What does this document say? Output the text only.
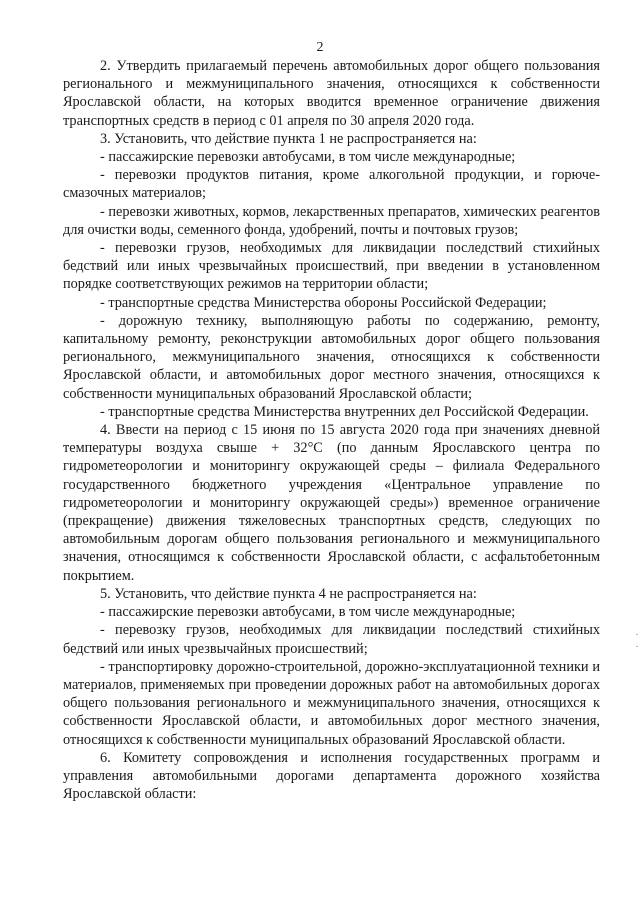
2

2. Утвердить прилагаемый перечень автомобильных дорог общего пользования регионального и межмуниципального значения, относящихся к собственности Ярославской области, на которых вводится временное ограничение движения транспортных средств в период с 01 апреля по 30 апреля 2020 года.

3. Установить, что действие пункта 1 не распространяется на:

- пассажирские перевозки автобусами, в том числе международные;

- перевозки продуктов питания, кроме алкогольной продукции, и горюче-смазочных материалов;

- перевозки животных, кормов, лекарственных препаратов, химических реагентов для очистки воды, семенного фонда, удобрений, почты и почтовых грузов;

- перевозки грузов, необходимых для ликвидации последствий стихийных бедствий или иных чрезвычайных происшествий, при введении в установленном порядке соответствующих режимов на территории области;

- транспортные средства Министерства обороны Российской Федерации;

- дорожную технику, выполняющую работы по содержанию, ремонту, капитальному ремонту, реконструкции автомобильных дорог общего пользования регионального, межмуниципального значения, относящихся к собственности Ярославской области, и автомобильных дорог местного значения, относящихся к собственности муниципальных образований Ярославской области;

- транспортные средства Министерства внутренних дел Российской Федерации.

4. Ввести на период с 15 июня по 15 августа 2020 года при значениях дневной температуры воздуха свыше + 32°С (по данным Ярославского центра по гидрометеорологии и мониторингу окружающей среды – филиала Федерального государственного бюджетного учреждения «Центральное управление по гидрометеорологии и мониторингу окружающей среды») временное ограничение (прекращение) движения тяжеловесных транспортных средств, следующих по автомобильным дорогам общего пользования регионального и межмуниципального значения, относящимся к собственности Ярославской области, с асфальтобетонным покрытием.

5. Установить, что действие пункта 4 не распространяется на:

- пассажирские перевозки автобусами, в том числе международные;

- перевозку грузов, необходимых для ликвидации последствий стихийных бедствий или иных чрезвычайных происшествий;

- транспортировку дорожно-строительной, дорожно-эксплуатационной техники и материалов, применяемых при проведении дорожных работ на автомобильных дорогах общего пользования регионального и межмуниципального значения, относящихся к собственности Ярославской области, и автомобильных дорог местного значения, относящихся к собственности муниципальных образований Ярославской области.

6. Комитету сопровождения и исполнения государственных программ и управления автомобильными дорогами департамента дорожного хозяйства Ярославской области:
